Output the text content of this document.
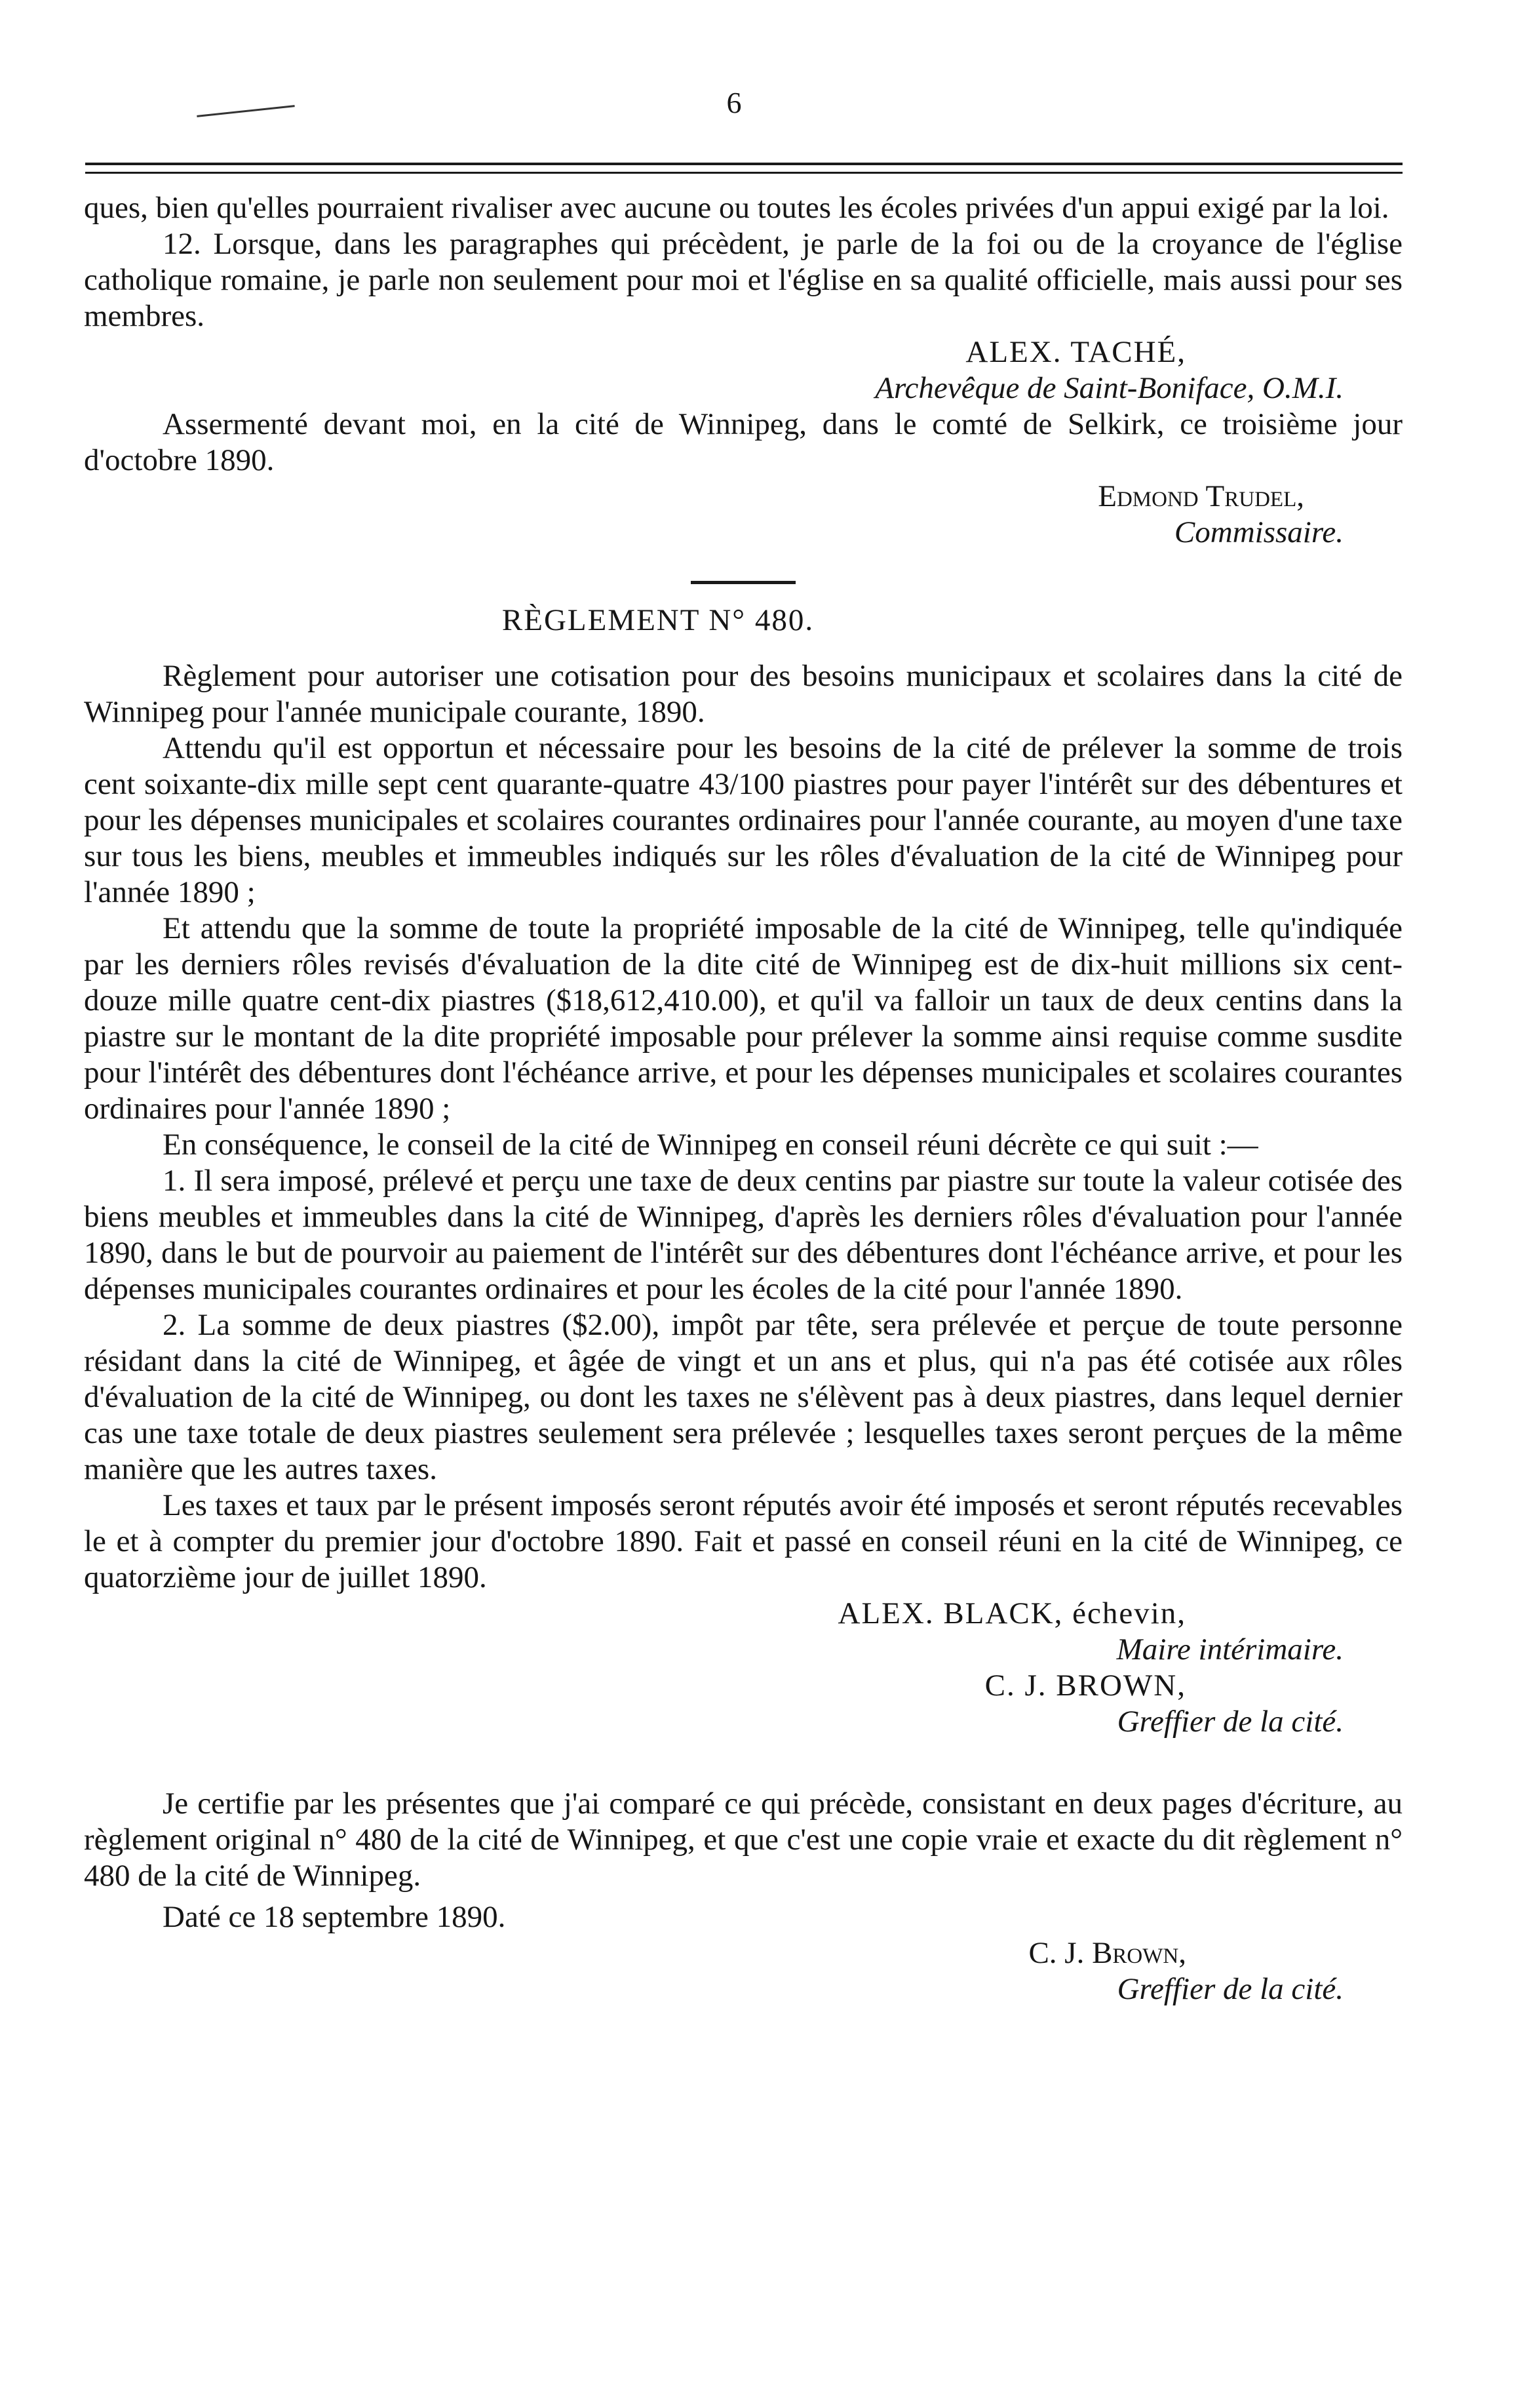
6

ques, bien qu'elles pourraient rivaliser avec aucune ou toutes les écoles privées d'un appui exigé par la loi.

12. Lorsque, dans les paragraphes qui précèdent, je parle de la foi ou de la croyance de l'église catholique romaine, je parle non seulement pour moi et l'église en sa qualité officielle, mais aussi pour ses membres.

ALEX. TACHÉ,

Archevêque de Saint-Boniface, O.M.I.

Assermenté devant moi, en la cité de Winnipeg, dans le comté de Selkirk, ce troisième jour d'octobre 1890.

Edmond Trudel,

Commissaire.

RÈGLEMENT N° 480.

Règlement pour autoriser une cotisation pour des besoins municipaux et scolaires dans la cité de Winnipeg pour l'année municipale courante, 1890.

Attendu qu'il est opportun et nécessaire pour les besoins de la cité de prélever la somme de trois cent soixante-dix mille sept cent quarante-quatre 43/100 piastres pour payer l'intérêt sur des débentures et pour les dépenses municipales et scolaires courantes ordinaires pour l'année courante, au moyen d'une taxe sur tous les biens, meubles et immeubles indiqués sur les rôles d'évaluation de la cité de Winnipeg pour l'année 1890 ;

Et attendu que la somme de toute la propriété imposable de la cité de Winnipeg, telle qu'indiquée par les derniers rôles revisés d'évaluation de la dite cité de Winnipeg est de dix-huit millions six cent-douze mille quatre cent-dix piastres ($18,612,410.00), et qu'il va falloir un taux de deux centins dans la piastre sur le montant de la dite propriété imposable pour prélever la somme ainsi requise comme susdite pour l'intérêt des débentures dont l'échéance arrive, et pour les dépenses municipales et scolaires courantes ordinaires pour l'année 1890 ;

En conséquence, le conseil de la cité de Winnipeg en conseil réuni décrète ce qui suit :—

1. Il sera imposé, prélevé et perçu une taxe de deux centins par piastre sur toute la valeur cotisée des biens meubles et immeubles dans la cité de Winnipeg, d'après les derniers rôles d'évaluation pour l'année 1890, dans le but de pourvoir au paiement de l'intérêt sur des débentures dont l'échéance arrive, et pour les dépenses municipales courantes ordinaires et pour les écoles de la cité pour l'année 1890.

2. La somme de deux piastres ($2.00), impôt par tête, sera prélevée et perçue de toute personne résidant dans la cité de Winnipeg, et âgée de vingt et un ans et plus, qui n'a pas été cotisée aux rôles d'évaluation de la cité de Winnipeg, ou dont les taxes ne s'élèvent pas à deux piastres, dans lequel dernier cas une taxe totale de deux piastres seulement sera prélevée ; lesquelles taxes seront perçues de la même manière que les autres taxes.

Les taxes et taux par le présent imposés seront réputés avoir été imposés et seront réputés recevables le et à compter du premier jour d'octobre 1890. Fait et passé en conseil réuni en la cité de Winnipeg, ce quatorzième jour de juillet 1890.

ALEX. BLACK, échevin,

Maire intérimaire.

C. J. BROWN,

Greffier de la cité.

Je certifie par les présentes que j'ai comparé ce qui précède, consistant en deux pages d'écriture, au règlement original n° 480 de la cité de Winnipeg, et que c'est une copie vraie et exacte du dit règlement n° 480 de la cité de Winnipeg.

Daté ce 18 septembre 1890.

C. J. Brown,

Greffier de la cité.
